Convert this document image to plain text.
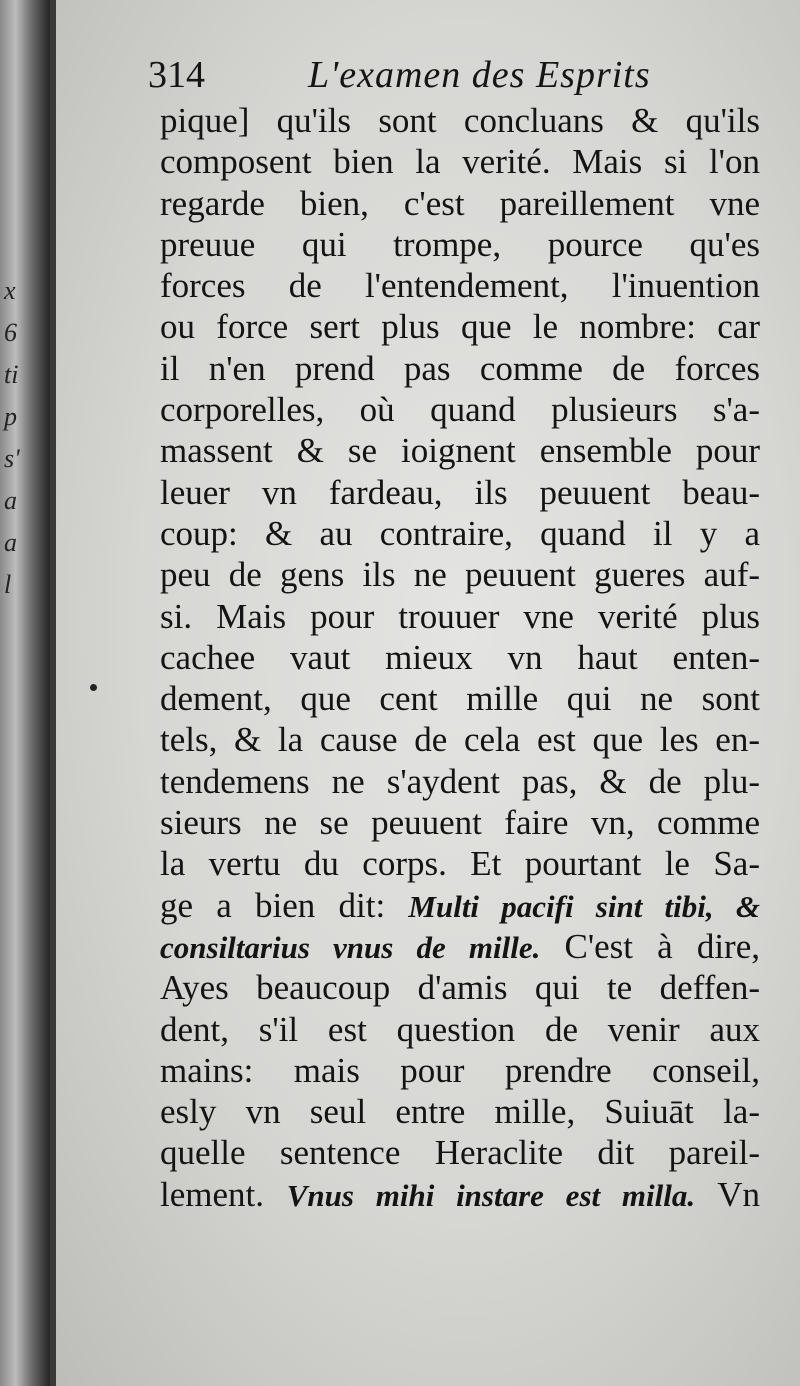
x
6
ti
p
s'
a
a
l
314	L'examen des Esprits
pique] qu'ils sont concluans & qu'ils
composent bien la verité. Mais si l'on
regarde bien, c'est pareillement vne
preuue qui trompe, pource qu'es
forces de l'entendement, l'inuention
ou force sert plus que le nombre: car
il n'en prend pas comme de forces
corporelles, où quand plusieurs s'a-
massent & se ioignent ensemble pour
leuer vn fardeau, ils peuuent beau-
coup: & au contraire, quand il y a
peu de gens ils ne peuuent gueres auf-
si. Mais pour trouuer vne verité plus
cachee vaut mieux vn haut enten-
dement, que cent mille qui ne sont
tels, & la cause de cela est que les en-
tendemens ne s'aydent pas, & de plu-
sieurs ne se peuuent faire vn, comme
la vertu du corps. Et pourtant le Sa-
ge a bien dit: Multi pacifi sint tibi, &
consiltarius vnus de mille. C'est à dire,
Ayes beaucoup d'amis qui te deffen-
dent, s'il est question de venir aux
mains: mais pour prendre conseil,
esly vn seul entre mille, Suiuāt la-
quelle sentence Heraclite dit pareil-
lement. Vnus mihi instare est milla. Vn
